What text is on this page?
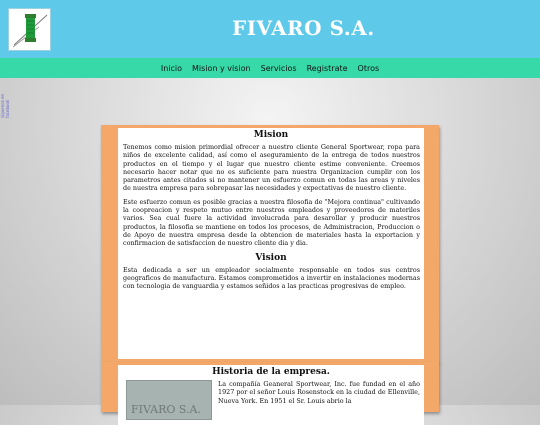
FIVARO S.A.
Inicio Mision y vision Servicios Registrate Otros
siguenos en facebook
Mision

Tenemos como mision primordial ofrecer a nuestro cliente General Sportwear, ropa para niños de excelente calidad, así como el aseguramiento de la entrega de todos nuestros productos en el tiempo y el lugar que nuestro cliente estime conveniente. Creemos necesario hacer notar que no es suficiente para nuestra Organizacion cumplir con los parametros antes citados si no mantener un esfuerzo comun en todas las areas y niveles de nuestra empresa para sobrepasar las necesidades y expectativas de nuestro cliente.

Este esfuerzo comun es posible gracias a nuestra filosofia de "Mejora continua" cultivando la coopreacion y respeto mutuo entre nuestros empleados y proveedores de materiles varios. Sea cual fuere la actividad involucrada para desarollar y producir nuestros productos, la filosofia se mantiene en todos los procesos, de Administracion, Produccion o de Apoyo de nuestra empresa desde la obtencion de materiales hasta la exportacion y confirmacion de satisfaccion de nuestro cliente dia y dia.

Vision

Esta dedicada a ser un empleador socialmente responsable en todos sus centros geograficos de manufactura. Estamos comprometidos a invertir en instalaciones modernas con tecnologia de vanguardia y estamos señidos a las practicas progresivas de empleo.

Historia de la empresa.
FIVARO S.A.
La compañía Geaneral Sportwear, Inc. fue fundad en el año 1927 por el señor Louis Rosenstock en la ciudad de Ellenville, Nueva York. En 1951 el Sr. Louis abrio la
